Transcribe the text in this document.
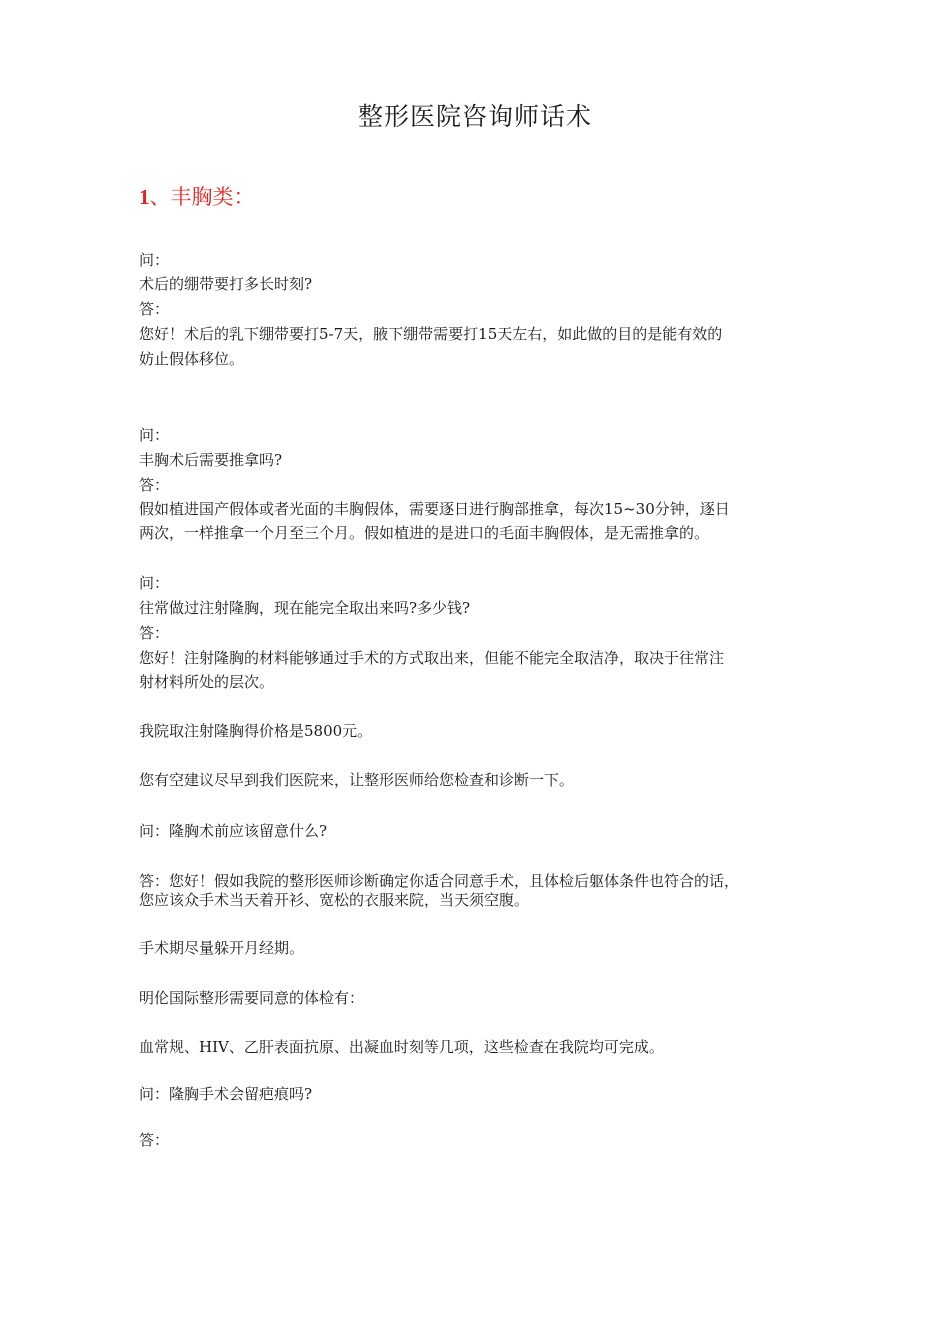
整形医院咨询师话术
1、丰胸类：
问：
术后的绷带要打多长时刻?
答：
您好！术后的乳下绷带要打5-7天，腋下绷带需要打15天左右，如此做的目的是能有效的
妨止假体移位。
问：
丰胸术后需要推拿吗?
答：
假如植进国产假体或者光面的丰胸假体，需要逐日进行胸部推拿，每次15~30分钟，逐日
两次，一样推拿一个月至三个月。假如植进的是进口的毛面丰胸假体，是无需推拿的。
问：
往常做过注射隆胸，现在能完全取出来吗?多少钱?
答：
您好！注射隆胸的材料能够通过手术的方式取出来，但能不能完全取洁净，取决于往常注
射材料所处的层次。
我院取注射隆胸得价格是5800元。
您有空建议尽早到我们医院来，让整形医师给您检查和诊断一下。
问：隆胸术前应该留意什么?
答：您好！假如我院的整形医师诊断确定你适合同意手术，且体检后躯体条件也符合的话，
您应该众手术当天着开衫、宽松的衣服来院，当天须空腹。
手术期尽量躲开月经期。
明伦国际整形需要同意的体检有：
血常规、HIV、乙肝表面抗原、出凝血时刻等几项，这些检查在我院均可完成。
问：隆胸手术会留疤痕吗?
答：
